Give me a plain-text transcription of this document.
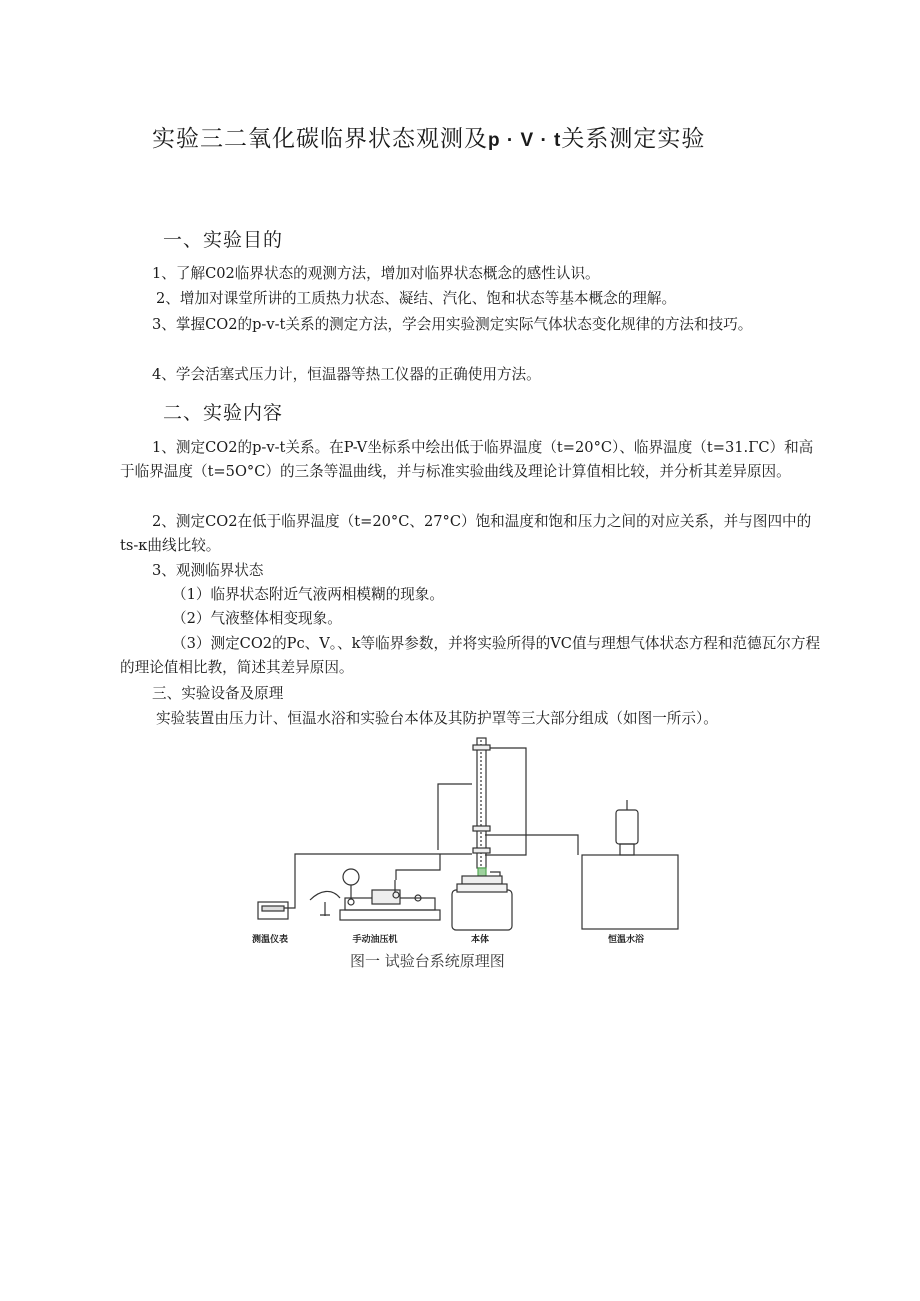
实验三二氧化碳临界状态观测及p · V · t关系测定实验
一、实验目的
1、了解C02临界状态的观测方法，增加对临界状态概念的感性认识。
2、增加对课堂所讲的工质热力状态、凝结、汽化、饱和状态等基本概念的理解。
3、掌握CO2的p-v-t关系的测定方法，学会用实验测定实际气体状态变化规律的方法和技巧。
4、学会活塞式压力计，恒温器等热工仪器的正确使用方法。
二、实验内容
1、测定CO2的p-v-t关系。在P-V坐标系中绘出低于临界温度（t=20°C）、临界温度（t=31.ΓC）和高于临界温度（t=5O°C）的三条等温曲线，并与标准实验曲线及理论计算值相比较，并分析其差异原因。
2、测定CO2在低于临界温度（t=20°C、27°C）饱和温度和饱和压力之间的对应关系，并与图四中的ts-κ曲线比较。
3、观测临界状态
（1）临界状态附近气液两相模糊的现象。
（2）气液整体相变现象。
（3）测定CO2的Pc、V。、k等临界参数，并将实验所得的VC值与理想气体状态方程和范德瓦尔方程的理论值相比教，简述其差异原因。
三、实验设备及原理
实验装置由压力计、恒温水浴和实验台本体及其防护罩等三大部分组成（如图一所示）。
测温仪表	手动油压机	本体	恒温水浴
图一 试验台系统原理图
